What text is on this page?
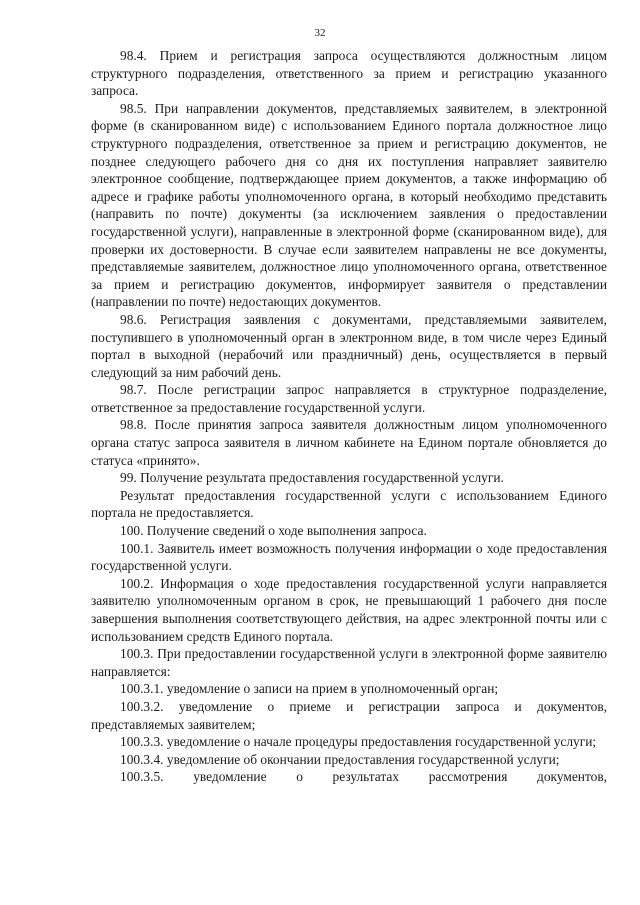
32

98.4. Прием и регистрация запроса осуществляются должностным лицом структурного подразделения, ответственного за прием и регистрацию указанного запроса.

98.5. При направлении документов, представляемых заявителем, в электронной форме (в сканированном виде) с использованием Единого портала должностное лицо структурного подразделения, ответственное за прием и регистрацию документов, не позднее следующего рабочего дня со дня их поступления направляет заявителю электронное сообщение, подтверждающее прием документов, а также информацию об адресе и графике работы уполномоченного органа, в который необходимо представить (направить по почте) документы (за исключением заявления о предоставлении государственной услуги), направленные в электронной форме (сканированном виде), для проверки их достоверности. В случае если заявителем направлены не все документы, представляемые заявителем, должностное лицо уполномоченного органа, ответственное за прием и регистрацию документов, информирует заявителя о представлении (направлении по почте) недостающих документов.

98.6. Регистрация заявления с документами, представляемыми заявителем, поступившего в уполномоченный орган в электронном виде, в том числе через Единый портал в выходной (нерабочий или праздничный) день, осуществляется в первый следующий за ним рабочий день.

98.7. После регистрации запрос направляется в структурное подразделение, ответственное за предоставление государственной услуги.

98.8. После принятия запроса заявителя должностным лицом уполномоченного органа статус запроса заявителя в личном кабинете на Едином портале обновляется до статуса «принято».

99. Получение результата предоставления государственной услуги.

Результат предоставления государственной услуги с использованием Единого портала не предоставляется.

100. Получение сведений о ходе выполнения запроса.

100.1. Заявитель имеет возможность получения информации о ходе предоставления государственной услуги.

100.2. Информация о ходе предоставления государственной услуги направляется заявителю уполномоченным органом в срок, не превышающий 1 рабочего дня после завершения выполнения соответствующего действия, на адрес электронной почты или с использованием средств Единого портала.

100.3. При предоставлении государственной услуги в электронной форме заявителю направляется:

100.3.1. уведомление о записи на прием в уполномоченный орган;

100.3.2. уведомление о приеме и регистрации запроса и документов, представляемых заявителем;

100.3.3. уведомление о начале процедуры предоставления государственной услуги;

100.3.4. уведомление об окончании предоставления государственной услуги;

100.3.5. уведомление о результатах рассмотрения документов,
